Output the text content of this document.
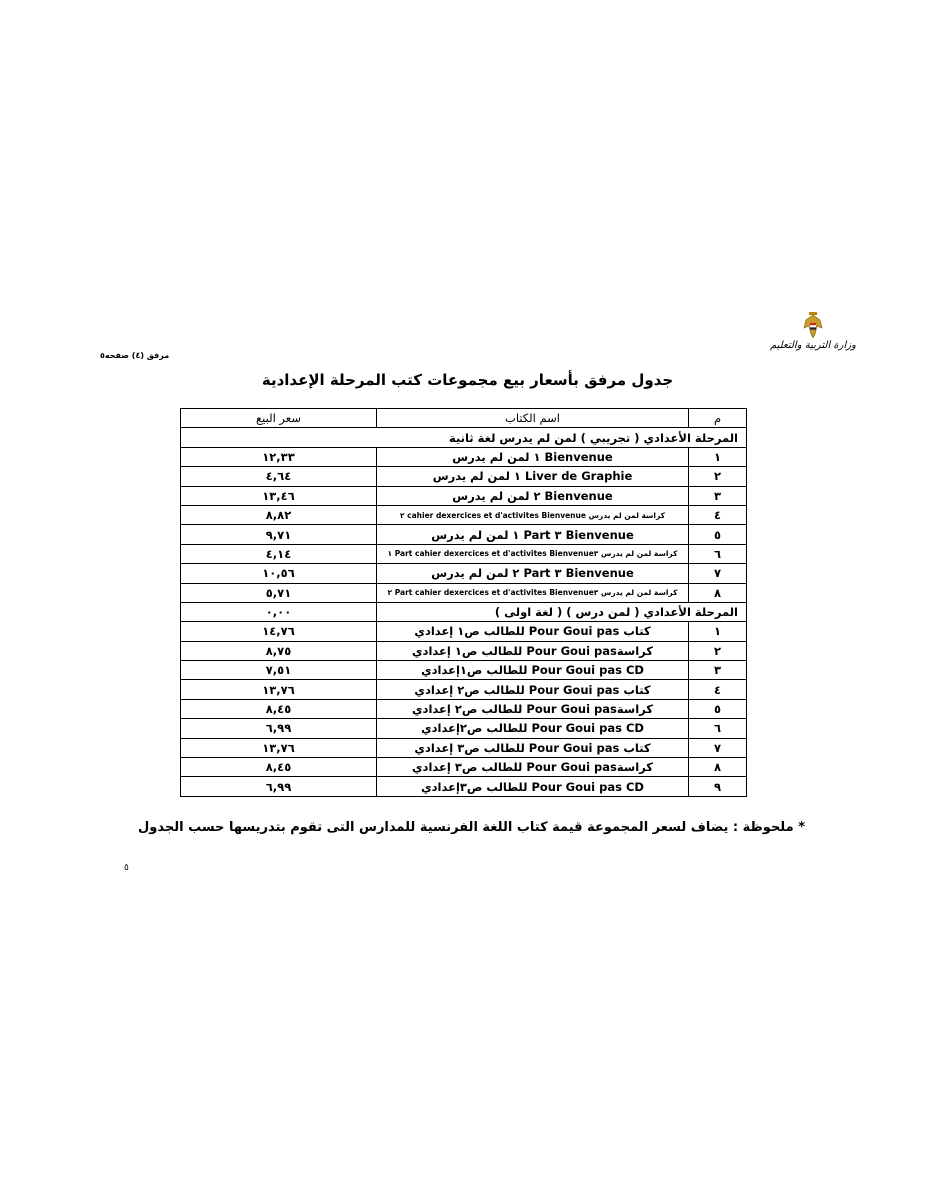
وزارة التربية والتعليم
مرفق (٤) صفحه٥
جدول مرفق بأسعار بيع مجموعات كتب المرحلة الإعدادية
م	اسم الكتاب	سعر البيع
المرحلة الأعدادي ( تجريبي ) لمن لم يدرس لغة ثانية		
١	Bienvenue ١ لمن لم يدرس	١٢,٣٣
٢	Liver de Graphie ١ لمن لم يدرس	٤,٦٤
٣	Bienvenue ٢ لمن لم يدرس	١٣,٤٦
٤	كراسة لمن لم يدرس cahier dexercices et d'activites Bienvenue ٢	٨,٨٢
٥	Bienvenue ٣ Part ١ لمن لم يدرس	٩,٧١
٦	كراسة لمن لم يدرس cahier dexercices et d'activites Bienvenue٣ Part ١	٤,١٤
٧	Bienvenue ٣ Part ٢ لمن لم يدرس	١٠,٥٦
٨	كراسة لمن لم يدرس cahier dexercices et d'activites Bienvenue٣ Part ٢	٥,٧١
المرحلة الأعدادي ( لمن درس ) ( لغة اولى )		٠,٠٠
١	كتاب Pour Goui pas للطالب ص١ إعدادي	١٤,٧٦
٢	كراسةPour Goui pas للطالب ص١ إعدادي	٨,٧٥
٣	Pour Goui pas CD للطالب ص١إعدادي	٧,٥١
٤	كتاب Pour Goui pas للطالب ص٢ إعدادي	١٣,٧٦
٥	كراسةPour Goui pas للطالب ص٢ إعدادي	٨,٤٥
٦	Pour Goui pas CD للطالب ص٢إعدادي	٦,٩٩
٧	كتاب Pour Goui pas للطالب ص٣ إعدادي	١٣,٧٦
٨	كراسةPour Goui pas للطالب ص٣ إعدادي	٨,٤٥
٩	Pour Goui pas CD للطالب ص٣إعدادي	٦,٩٩
* ملحوظة : يضاف لسعر المجموعة قيمة كتاب اللغة الفرنسية للمدارس التى تقوم بتدريسها حسب الجدول
٥
